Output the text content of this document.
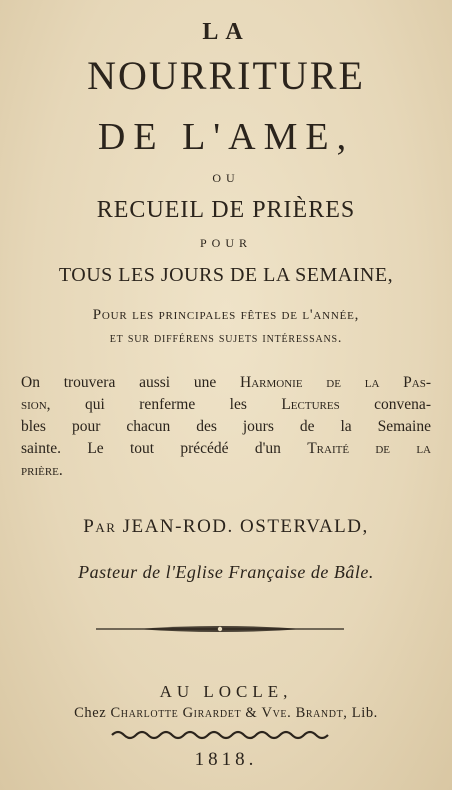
LA
NOURRITURE
DE L'AME,
OU
RECUEIL DE PRIÈRES
POUR
TOUS LES JOURS DE LA SEMAINE,
Pour les principales fêtes de l'année,
et sur différens sujets intéressans.
On trouvera aussi une Harmonie de la Pas-
sion, qui renferme les Lectures convena-
bles pour chacun des jours de la Semaine
sainte. Le tout précédé d'un Traité de la
prière.
Par JEAN-ROD. OSTERVALD,
Pasteur de l'Eglise Française de Bâle.
AU LOCLE,
Chez Charlotte Girardet & Vve. Brandt, Lib.
1818.
